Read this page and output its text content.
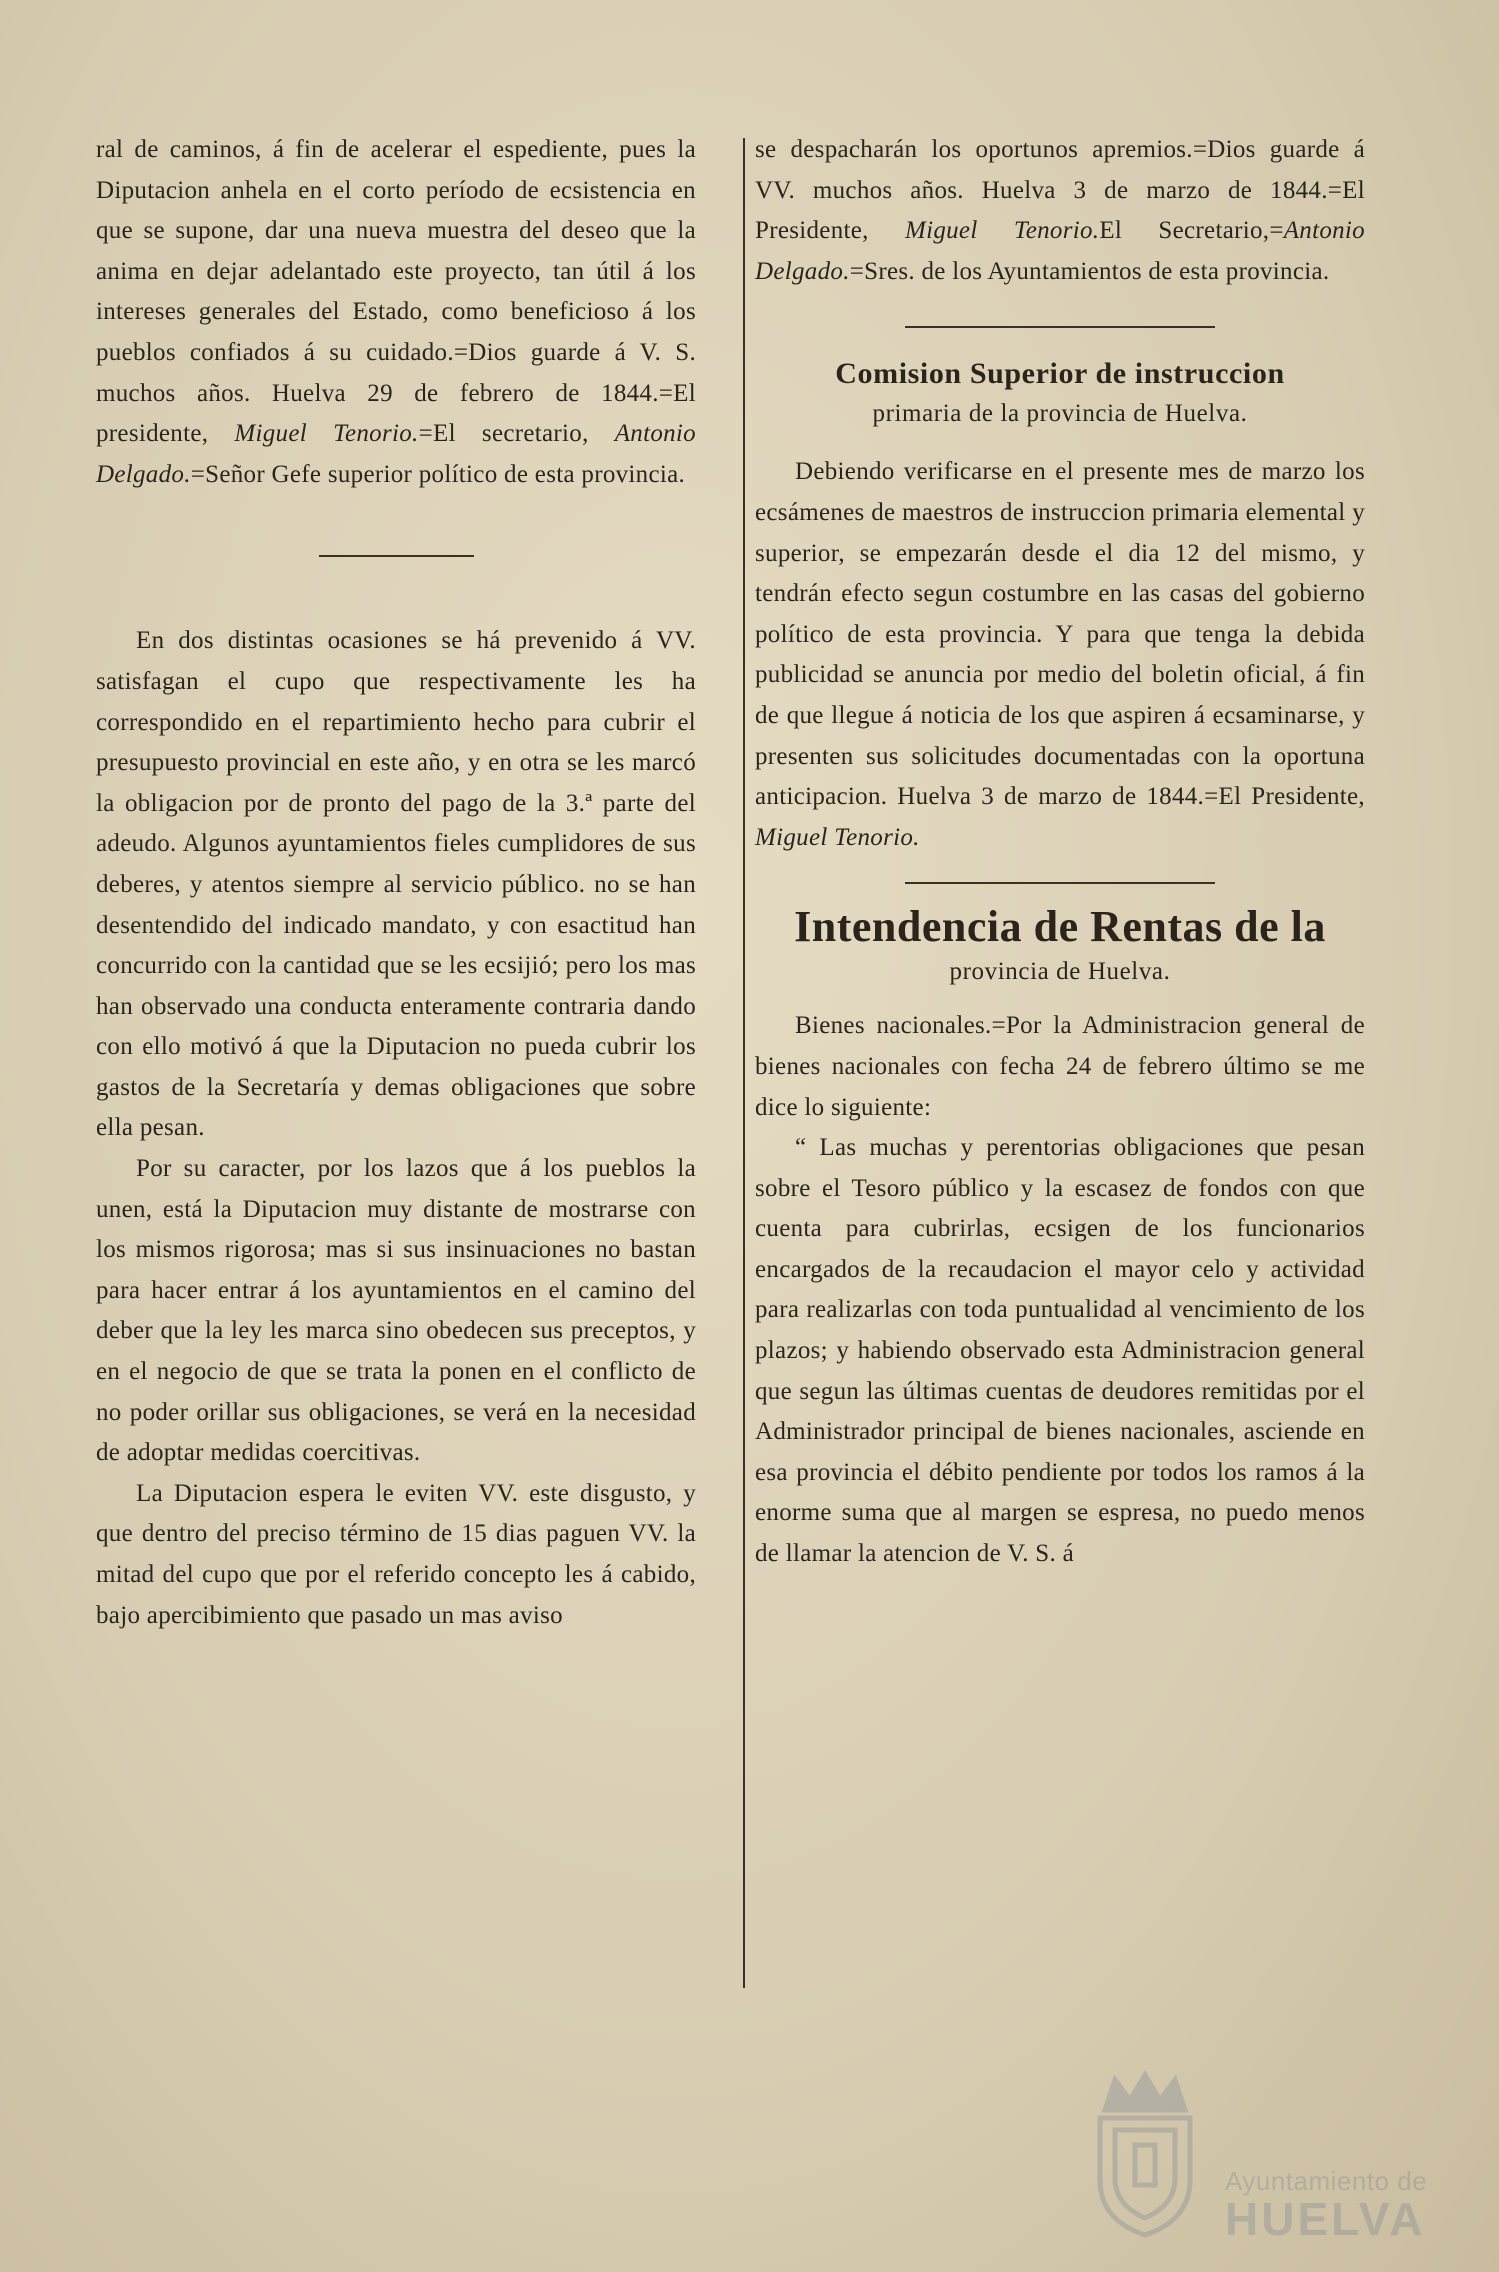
ral de caminos, á fin de acelerar el espediente, pues la Diputacion anhela en el corto período de ecsistencia en que se supone, dar una nueva muestra del deseo que la anima en dejar adelantado este proyecto, tan útil á los intereses generales del Estado, como beneficioso á los pueblos confiados á su cuidado.=Dios guarde á V. S. muchos años. Huelva 29 de febrero de 1844.=El presidente, Miguel Tenorio.=El secretario, Antonio Delgado.=Señor Gefe superior político de esta provincia.

En dos distintas ocasiones se há prevenido á VV. satisfagan el cupo que respectivamente les ha correspondido en el repartimiento hecho para cubrir el presupuesto provincial en este año, y en otra se les marcó la obligacion por de pronto del pago de la 3.ª parte del adeudo. Algunos ayuntamientos fieles cumplidores de sus deberes, y atentos siempre al servicio público. no se han desentendido del indicado mandato, y con esactitud han concurrido con la cantidad que se les ecsijió; pero los mas han observado una conducta enteramente contraria dando con ello motivó á que la Diputacion no pueda cubrir los gastos de la Secretaría y demas obligaciones que sobre ella pesan.

Por su caracter, por los lazos que á los pueblos la unen, está la Diputacion muy distante de mostrarse con los mismos rigorosa; mas si sus insinuaciones no bastan para hacer entrar á los ayuntamientos en el camino del deber que la ley les marca sino obedecen sus preceptos, y en el negocio de que se trata la ponen en el conflicto de no poder orillar sus obligaciones, se verá en la necesidad de adoptar medidas coercitivas.

La Diputacion espera le eviten VV. este disgusto, y que dentro del preciso término de 15 dias paguen VV. la mitad del cupo que por el referido concepto les á cabido, bajo apercibimiento que pasado un mas aviso

se despacharán los oportunos apremios.=Dios guarde á VV. muchos años. Huelva 3 de marzo de 1844.=El Presidente, Miguel Tenorio.El Secretario,=Antonio Delgado.=Sres. de los Ayuntamientos de esta provincia.

Comision Superior de instruccion
primaria de la provincia de Huelva.

Debiendo verificarse en el presente mes de marzo los ecsámenes de maestros de instruccion primaria elemental y superior, se empezarán desde el dia 12 del mismo, y tendrán efecto segun costumbre en las casas del gobierno político de esta provincia. Y para que tenga la debida publicidad se anuncia por medio del boletin oficial, á fin de que llegue á noticia de los que aspiren á ecsaminarse, y presenten sus solicitudes documentadas con la oportuna anticipacion. Huelva 3 de marzo de 1844.=El Presidente, Miguel Tenorio.

Intendencia de Rentas de la
provincia de Huelva.

Bienes nacionales.=Por la Administracion general de bienes nacionales con fecha 24 de febrero último se me dice lo siguiente:

“ Las muchas y perentorias obligaciones que pesan sobre el Tesoro público y la escasez de fondos con que cuenta para cubrirlas, ecsigen de los funcionarios encargados de la recaudacion el mayor celo y actividad para realizarlas con toda puntualidad al vencimiento de los plazos; y habiendo observado esta Administracion general que segun las últimas cuentas de deudores remitidas por el Administrador principal de bienes nacionales, asciende en esa provincia el débito pendiente por todos los ramos á la enorme suma que al margen se espresa, no puedo menos de llamar la atencion de V. S. á

Ayuntamiento de
HUELVA
